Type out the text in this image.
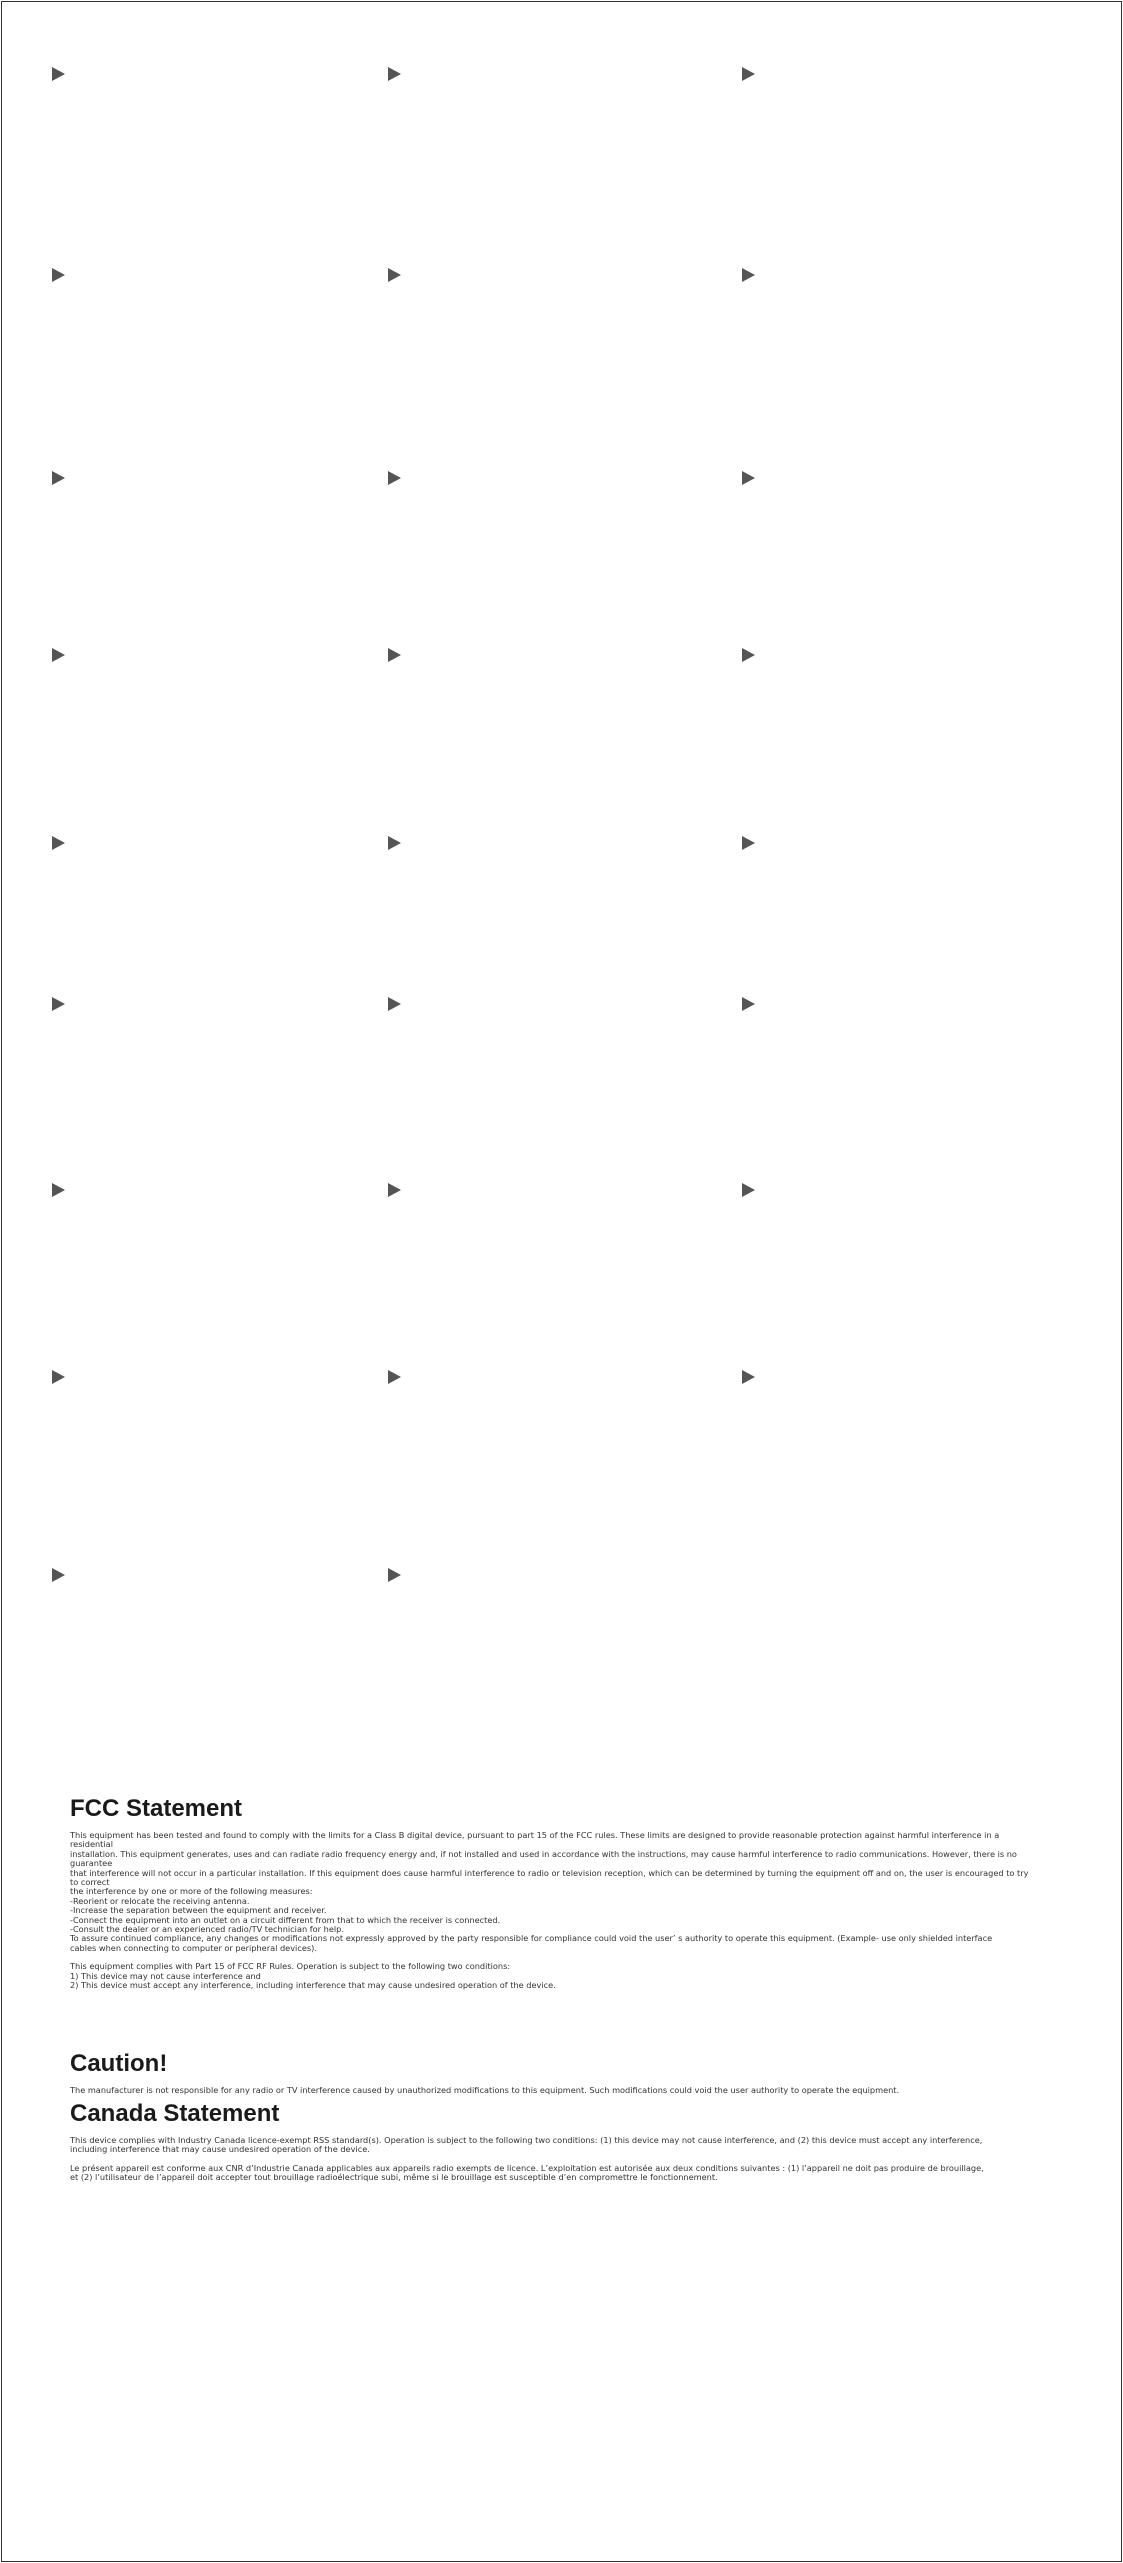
FCC Statement

This equipment has been tested and found to comply with the limits for a Class B digital device, pursuant to part 15 of the FCC rules. These limits are designed to provide reasonable protection against harmful interference in a residential

installation. This equipment generates, uses and can radiate radio frequency energy and, if not installed and used in accordance with the instructions, may cause harmful interference to radio communications. However, there is no guarantee

that interference will not occur in a particular installation. If this equipment does cause harmful interference to radio or television reception, which can be determined by turning the equipment off and on, the user is encouraged to try to correct

the interference by one or more of the following measures:

-Reorient or relocate the receiving antenna.

-Increase the separation between the equipment and receiver.

-Connect the equipment into an outlet on a circuit different from that to which the receiver is connected.

-Consult the dealer or an experienced radio/TV technician for help.

To assure continued compliance, any changes or modifications not expressly approved by the party responsible for compliance could void the user’ s authority to operate this equipment. (Example- use only shielded interface

cables when connecting to computer or peripheral devices).

This equipment complies with Part 15 of FCC RF Rules. Operation is subject to the following two conditions:

1) This device may not cause interference and

2) This device must accept any interference, including interference that may cause undesired operation of the device.

Caution!

The manufacturer is not responsible for any radio or TV interference caused by unauthorized modifications to this equipment. Such modifications could void the user authority to operate the equipment.

Canada Statement

This device complies with Industry Canada licence-exempt RSS standard(s). Operation is subject to the following two conditions: (1) this device may not cause interference, and (2) this device must accept any interference,

including interference that may cause undesired operation of the device.

Le présent appareil est conforme aux CNR d’Industrie Canada applicables aux appareils radio exempts de licence. L’exploitation est autorisée aux deux conditions suivantes : (1) l’appareil ne doit pas produire de brouillage,

et (2) l’utilisateur de l’appareil doit accepter tout brouillage radioélectrique subi, même si le brouillage est susceptible d’en compromettre le fonctionnement.
